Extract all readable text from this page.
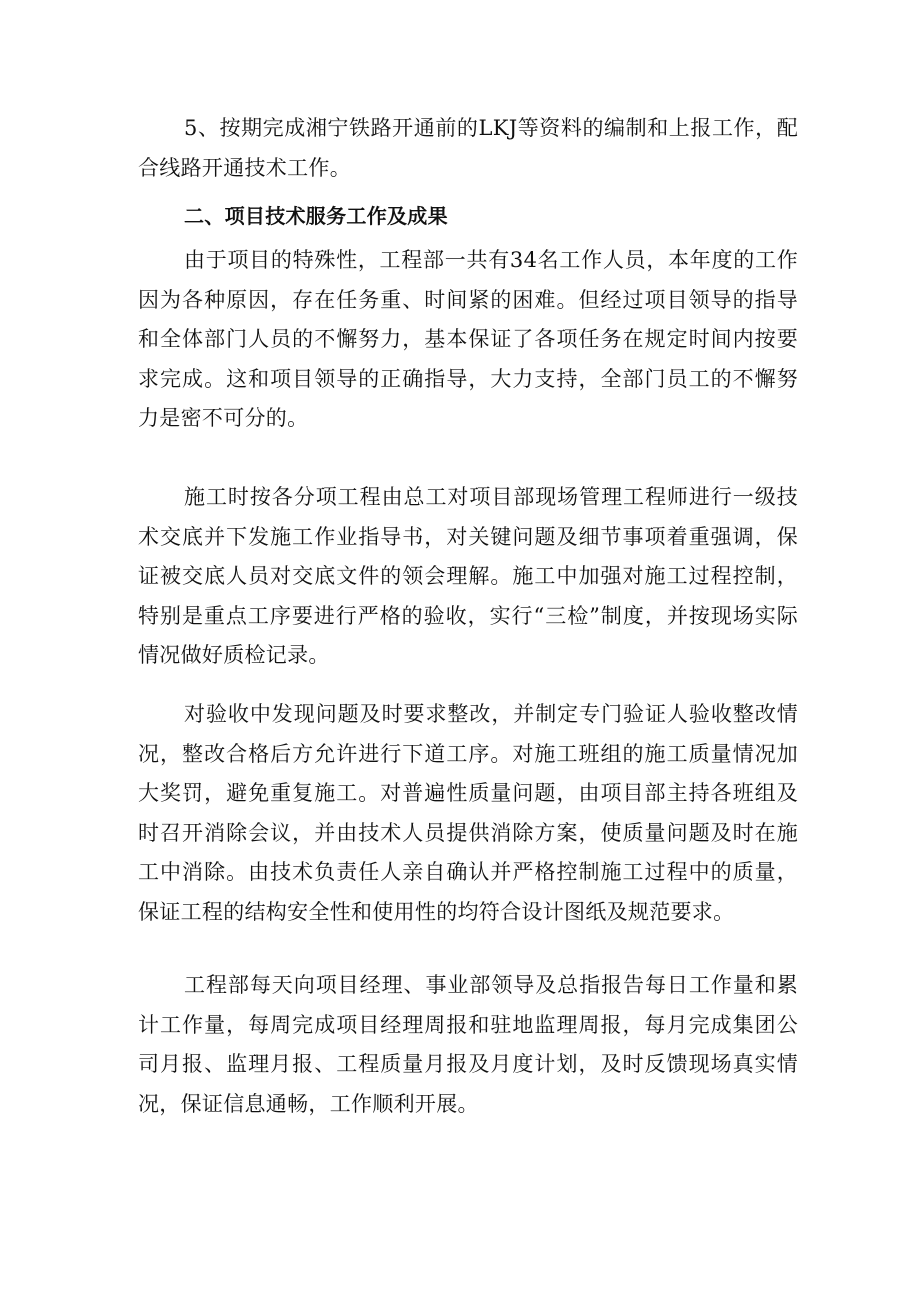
5、按期完成湘宁铁路开通前的LKJ等资料的编制和上报工作，配合线路开通技术工作。

二、项目技术服务工作及成果

由于项目的特殊性，工程部一共有34名工作人员，本年度的工作因为各种原因，存在任务重、时间紧的困难。但经过项目领导的指导和全体部门人员的不懈努力，基本保证了各项任务在规定时间内按要求完成。这和项目领导的正确指导，大力支持，全部门员工的不懈努力是密不可分的。

施工时按各分项工程由总工对项目部现场管理工程师进行一级技术交底并下发施工作业指导书，对关键问题及细节事项着重强调，保证被交底人员对交底文件的领会理解。施工中加强对施工过程控制，特别是重点工序要进行严格的验收，实行“三检”制度，并按现场实际情况做好质检记录。

对验收中发现问题及时要求整改，并制定专门验证人验收整改情况，整改合格后方允许进行下道工序。对施工班组的施工质量情况加大奖罚，避免重复施工。对普遍性质量问题，由项目部主持各班组及时召开消除会议，并由技术人员提供消除方案，使质量问题及时在施工中消除。由技术负责任人亲自确认并严格控制施工过程中的质量，保证工程的结构安全性和使用性的均符合设计图纸及规范要求。

工程部每天向项目经理、事业部领导及总指报告每日工作量和累计工作量，每周完成项目经理周报和驻地监理周报，每月完成集团公司月报、监理月报、工程质量月报及月度计划，及时反馈现场真实情况，保证信息通畅，工作顺利开展。
